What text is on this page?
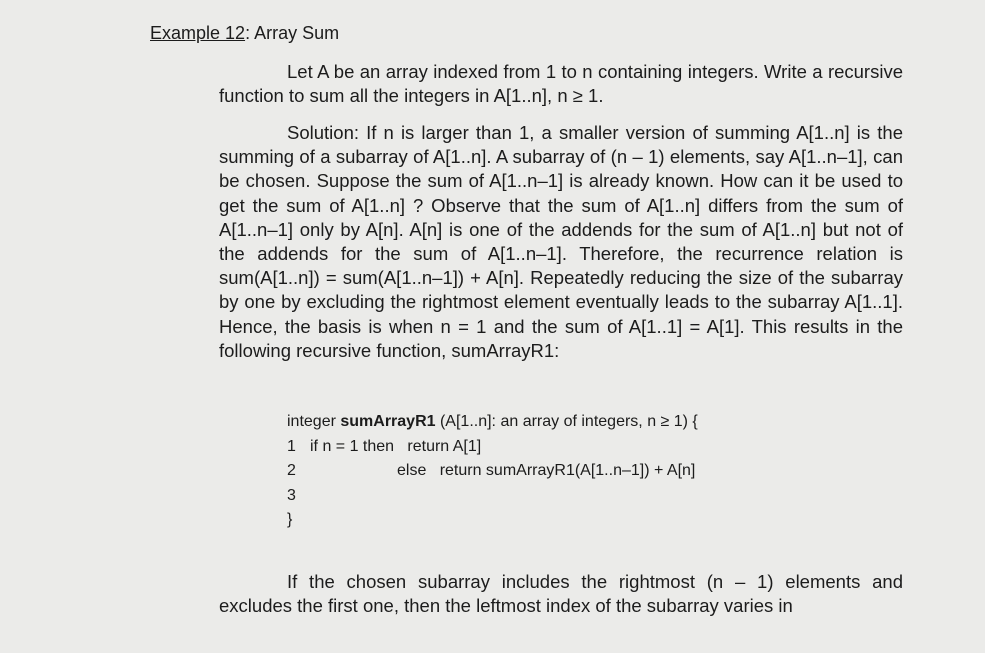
Example 12: Array Sum

Let A be an array indexed from 1 to n containing integers. Write a recursive function to sum all the integers in A[1..n], n ≥ 1.

Solution: If n is larger than 1, a smaller version of summing A[1..n] is the summing of a subarray of A[1..n]. A subarray of (n – 1) elements, say A[1..n–1], can be chosen. Suppose the sum of A[1..n–1] is already known. How can it be used to get the sum of A[1..n] ? Observe that the sum of A[1..n] differs from the sum of A[1..n–1] only by A[n]. A[n] is one of the addends for the sum of A[1..n] but not of the addends for the sum of A[1..n–1]. Therefore, the recurrence relation is sum(A[1..n]) = sum(A[1..n–1]) + A[n]. Repeatedly reducing the size of the subarray by one by excluding the rightmost element eventually leads to the subarray A[1..1]. Hence, the basis is when n = 1 and the sum of A[1..1] = A[1]. This results in the following recursive function, sumArrayR1:

integer sumArrayR1 (A[1..n]: an array of integers, n ≥ 1) {
1 if n = 1 then   return A[1]
2	else   return sumArrayR1(A[1..n–1]) + A[n]
3
}

If the chosen subarray includes the rightmost (n – 1) elements and excludes the first one, then the leftmost index of the subarray varies in
